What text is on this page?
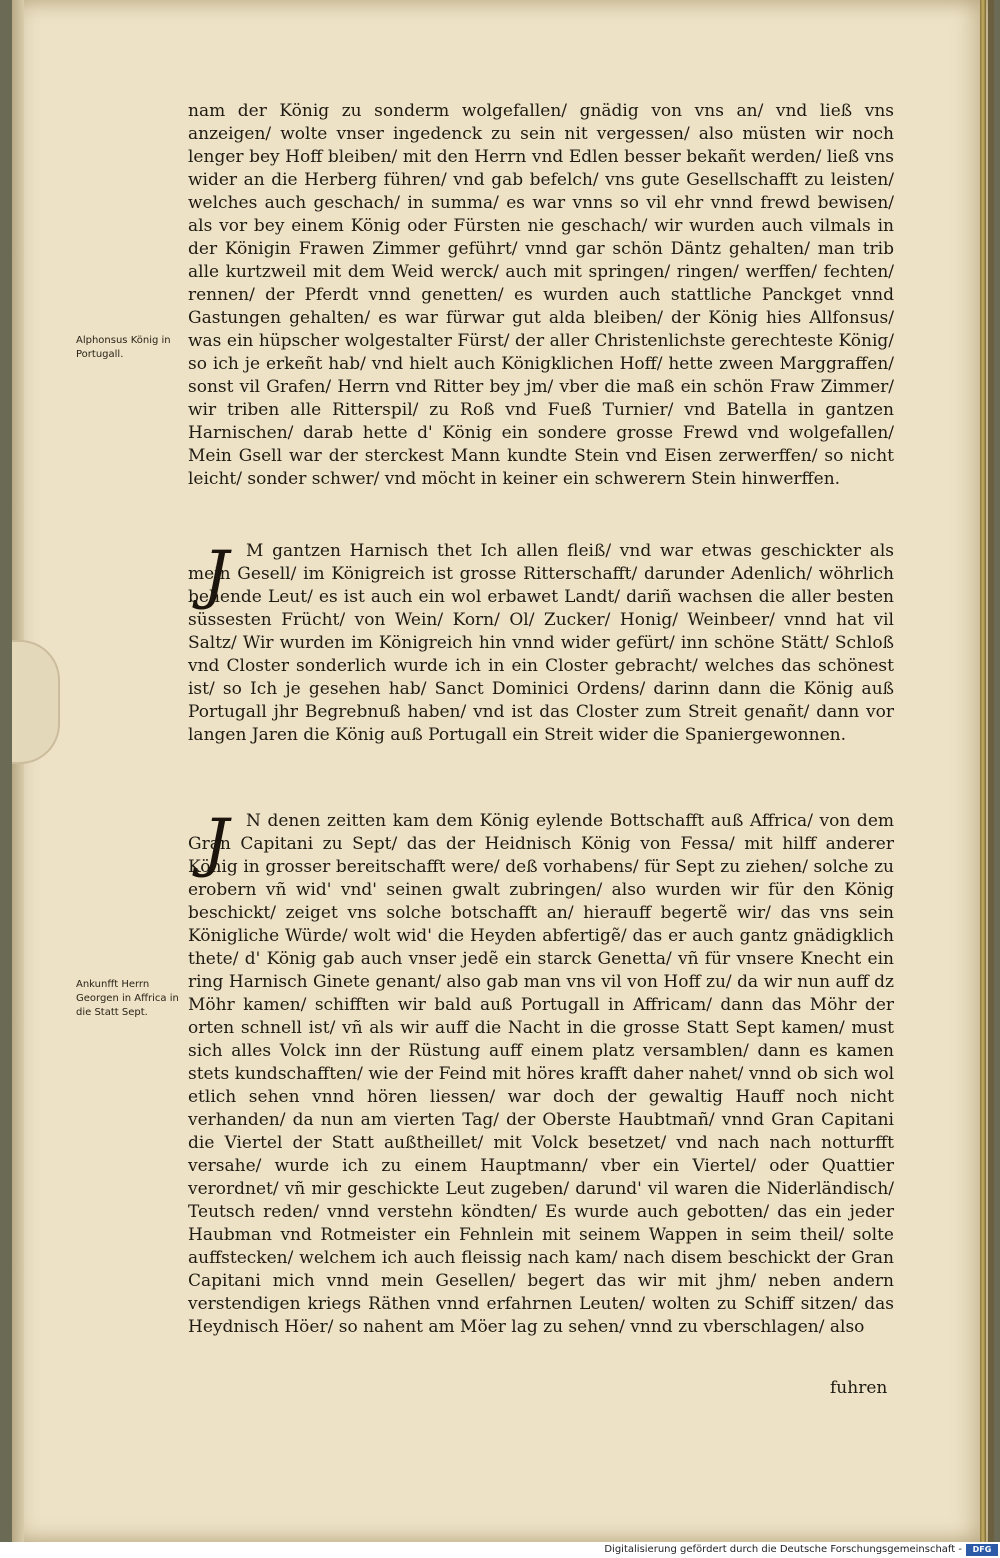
Alphonsus König in Portugall.

Ankunfft Herrn Georgen in Affrica in die Statt Sept.

nam der König zu sonderm wolgefallen/ gnädig von vns an/ vnd ließ vns anzeigen/ wolte vnser ingedenck zu sein nit vergessen/ also müsten wir noch lenger bey Hoff bleiben/ mit den Herrn vnd Edlen besser bekañt werden/ ließ vns wider an die Herberg führen/ vnd gab befelch/ vns gute Gesellschafft zu leisten/ welches auch geschach/ in summa/ es war vnns so vil ehr vnnd frewd bewisen/ als vor bey einem König oder Fürsten nie geschach/ wir wurden auch vilmals in der Königin Frawen Zimmer geführt/ vnnd gar schön Däntz gehalten/ man trib alle kurtzweil mit dem Weid werck/ auch mit springen/ ringen/ werffen/ fechten/ rennen/ der Pferdt vnnd genetten/ es wurden auch stattliche Panckget vnnd Gastungen gehalten/ es war fürwar gut alda bleiben/ der König hies Allfonsus/ was ein hüpscher wolgestalter Fürst/ der aller Christenlichste gerechteste König/ so ich je erkeñt hab/ vnd hielt auch Königklichen Hoff/ hette zween Marggraffen/ sonst vil Grafen/ Herrn vnd Ritter bey jm/ vber die maß ein schön Fraw Zimmer/ wir triben alle Ritterspil/ zu Roß vnd Fueß Turnier/ vnd Batella in gantzen Harnischen/ darab hette d' König ein sondere grosse Frewd vnd wolgefallen/ Mein Gsell war der sterckest Mann kundte Stein vnd Eisen zerwerffen/ so nicht leicht/ sonder schwer/ vnd möcht in keiner ein schwerern Stein hinwerffen.

J	M gantzen Harnisch thet Ich allen fleiß/ vnd war etwas geschickter als mein Gesell/ im Königreich ist grosse Ritterschafft/ darunder Adenlich/ wöhrlich behende Leut/ es ist auch ein wol erbawet Landt/ dariñ wachsen die aller besten süssesten Frücht/ von Wein/ Korn/ Ol/ Zucker/ Honig/ Weinbeer/ vnnd hat vil Saltz/ Wir wurden im Königreich hin vnnd wider gefürt/ inn schöne Stätt/ Schloß vnd Closter sonderlich wurde ich in ein Closter gebracht/ welches das schönest ist/ so Ich je gesehen hab/ Sanct Dominici Ordens/ darinn dann die König auß Portugall jhr Begrebnuß haben/ vnd ist das Closter zum Streit genañt/ dann vor langen Jaren die König auß Portugall ein Streit wider die Spaniergewonnen.

J	N denen zeitten kam dem König eylende Bottschafft auß Affrica/ von dem Gran Capitani zu Sept/ das der Heidnisch König von Fessa/ mit hilff anderer König in grosser bereitschafft were/ deß vorhabens/ für Sept zu ziehen/ solche zu erobern vñ wid' vnd' seinen gwalt zubringen/ also wurden wir für den König beschickt/ zeiget vns solche botschafft an/ hierauff begertẽ wir/ das vns sein Königliche Würde/ wolt wid' die Heyden abfertigẽ/ das er auch gantz gnädigklich thete/ d' König gab auch vnser jedẽ ein starck Genetta/ vñ für vnsere Knecht ein ring Harnisch Ginete genant/ also gab man vns vil von Hoff zu/ da wir nun auff dz Möhr kamen/ schifften wir bald auß Portugall in Affricam/ dann das Möhr der orten schnell ist/ vñ als wir auff die Nacht in die grosse Statt Sept kamen/ must sich alles Volck inn der Rüstung auff einem platz versamblen/ dann es kamen stets kundschafften/ wie der Feind mit höres krafft daher nahet/ vnnd ob sich wol etlich sehen vnnd hören liessen/ war doch der gewaltig Hauff noch nicht verhanden/ da nun am vierten Tag/ der Oberste Haubtmañ/ vnnd Gran Capitani die Viertel der Statt außtheillet/ mit Volck besetzet/ vnd nach nach notturfft versahe/ wurde ich zu einem Hauptmann/ vber ein Viertel/ oder Quattier verordnet/ vñ mir geschickte Leut zugeben/ darund' vil waren die Niderländisch/ Teutsch reden/ vnnd verstehn köndten/ Es wurde auch gebotten/ das ein jeder Haubman vnd Rotmeister ein Fehnlein mit seinem Wappen in seim theil/ solte auffstecken/ welchem ich auch fleissig nach kam/ nach disem beschickt der Gran Capitani mich vnnd mein Gesellen/ begert das wir mit jhm/ neben andern verstendigen kriegs Räthen vnnd erfahrnen Leuten/ wolten zu Schiff sitzen/ das Heydnisch Höer/ so nahent am Möer lag zu sehen/ vnnd zu vberschlagen/ also

fuhren
Digitalisierung gefördert durch die Deutsche Forschungsgemeinschaft -	DFG
